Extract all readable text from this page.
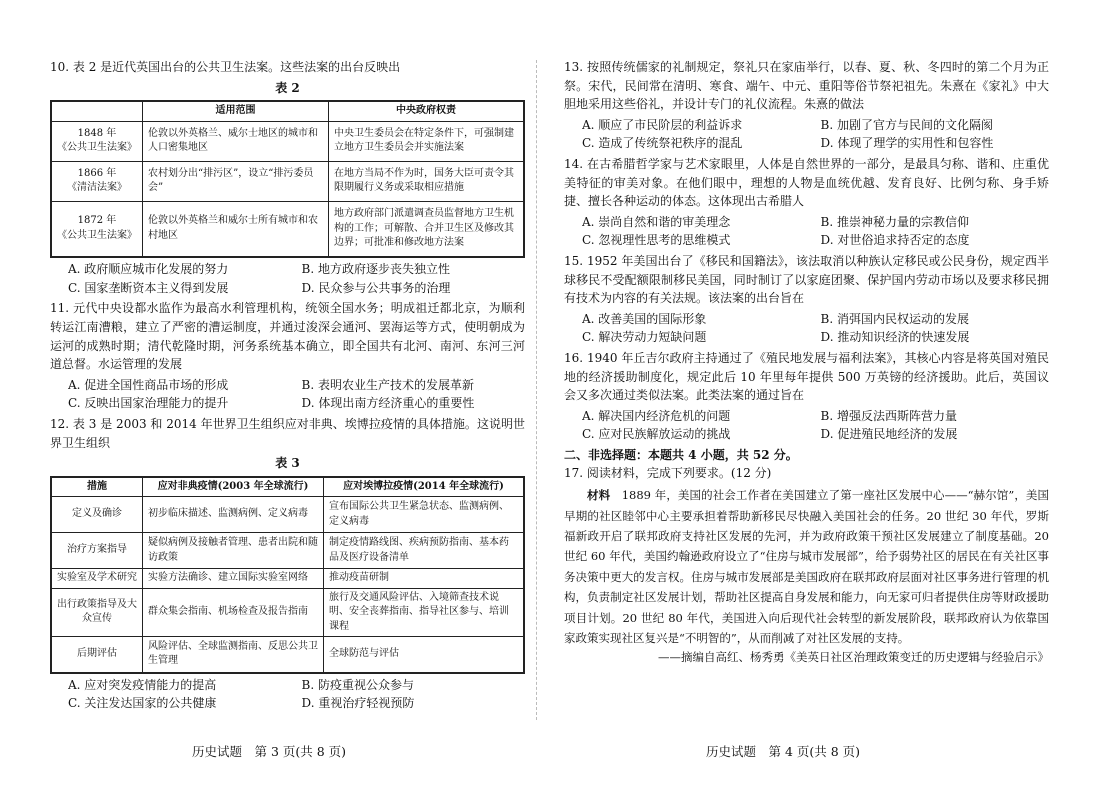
10. 表 2 是近代英国出台的公共卫生法案。这些法案的出台反映出

表 2
	适用范围	中央政府权责
1848 年
《公共卫生法案》	伦敦以外英格兰、威尔士地区的城市和人口密集地区	中央卫生委员会在特定条件下，可强制建立地方卫生委员会并实施法案
1866 年
《清洁法案》	农村划分出“排污区”，设立“排污委员会”	在地方当局不作为时，国务大臣可责令其限期履行义务或采取相应措施
1872 年
《公共卫生法案》	伦敦以外英格兰和威尔士所有城市和农村地区	地方政府部门派遣调查员监督地方卫生机构的工作；可解散、合并卫生区及修改其边界；可批准和修改地方法案
A. 政府顺应城市化发展的努力	B. 地方政府逐步丧失独立性
C. 国家垄断资本主义得到发展	D. 民众参与公共事务的治理

11. 元代中央设都水监作为最高水利管理机构，统领全国水务；明成祖迁都北京，为顺利转运江南漕粮，建立了严密的漕运制度，并通过浚深会通河、罢海运等方式，使明朝成为运河的成熟时期；清代乾隆时期，河务系统基本确立，即全国共有北河、南河、东河三河道总督。水运管理的发展

A. 促进全国性商品市场的形成	B. 表明农业生产技术的发展革新
C. 反映出国家治理能力的提升	D. 体现出南方经济重心的重要性

12. 表 3 是 2003 和 2014 年世界卫生组织应对非典、埃博拉疫情的具体措施。这说明世界卫生组织

表 3
措施	应对非典疫情(2003 年全球流行)	应对埃博拉疫情(2014 年全球流行)
定义及确诊	初步临床描述、监测病例、定义病毒	宣布国际公共卫生紧急状态、监测病例、定义病毒
治疗方案指导	疑似病例及接触者管理、患者出院和随访政策	制定疫情路线图、疾病预防指南、基本药品及医疗设备清单
实验室及学术研究	实验方法确诊、建立国际实验室网络	推动疫苗研制
出行政策指导及大众宣传	群众集会指南、机场检查及报告指南	旅行及交通风险评估、入境筛查技术说明、安全丧葬指南、指导社区参与、培训课程
后期评估	风险评估、全球监测指南、反思公共卫生管理	全球防范与评估
A. 应对突发疫情能力的提高	B. 防疫重视公众参与
C. 关注发达国家的公共健康	D. 重视治疗轻视预防

13. 按照传统儒家的礼制规定，祭礼只在家庙举行，以春、夏、秋、冬四时的第二个月为正祭。宋代，民间常在清明、寒食、端午、中元、重阳等俗节祭祀祖先。朱熹在《家礼》中大胆地采用这些俗礼，并设计专门的礼仪流程。朱熹的做法

A. 顺应了市民阶层的利益诉求	B. 加剧了官方与民间的文化隔阂
C. 造成了传统祭祀秩序的混乱	D. 体现了理学的实用性和包容性

14. 在古希腊哲学家与艺术家眼里，人体是自然世界的一部分，是最具匀称、谐和、庄重优美特征的审美对象。在他们眼中，理想的人物是血统优越、发育良好、比例匀称、身手矫捷、擅长各种运动的体态。这体现出古希腊人

A. 崇尚自然和谐的审美理念	B. 推崇神秘力量的宗教信仰
C. 忽视理性思考的思维模式	D. 对世俗追求持否定的态度

15. 1952 年美国出台了《移民和国籍法》，该法取消以种族认定移民或公民身份，规定西半球移民不受配额限制移民美国，同时制订了以家庭团聚、保护国内劳动市场以及要求移民拥有技术为内容的有关法规。该法案的出台旨在

A. 改善美国的国际形象	B. 消弭国内民权运动的发展
C. 解决劳动力短缺问题	D. 推动知识经济的快速发展

16. 1940 年丘吉尔政府主持通过了《殖民地发展与福利法案》，其核心内容是将英国对殖民地的经济援助制度化，规定此后 10 年里每年提供 500 万英镑的经济援助。此后，英国议会又多次通过类似法案。此类法案的通过旨在

A. 解决国内经济危机的问题	B. 增强反法西斯阵营力量
C. 应对民族解放运动的挑战	D. 促进殖民地经济的发展

二、非选择题：本题共 4 小题，共 52 分。

17. 阅读材料，完成下列要求。(12 分)

材料 1889 年，美国的社会工作者在美国建立了第一座社区发展中心——“赫尔馆”，美国早期的社区睦邻中心主要承担着帮助新移民尽快融入美国社会的任务。20 世纪 30 年代，罗斯福新政开启了联邦政府支持社区发展的先河，并为政府政策干预社区发展建立了制度基础。20 世纪 60 年代，美国约翰逊政府设立了“住房与城市发展部”，给予弱势社区的居民在有关社区事务决策中更大的发言权。住房与城市发展部是美国政府在联邦政府层面对社区事务进行管理的机构，负责制定社区发展计划，帮助社区提高自身发展和能力，向无家可归者提供住房等财政援助项目计划。20 世纪 80 年代，美国进入向后现代社会转型的新发展阶段，联邦政府认为依靠国家政策实现社区复兴是“不明智的”，从而削减了对社区发展的支持。

——摘编自高红、杨秀勇《美英日社区治理政策变迁的历史逻辑与经验启示》

历史试题　第 3 页(共 8 页)	历史试题　第 4 页(共 8 页)
